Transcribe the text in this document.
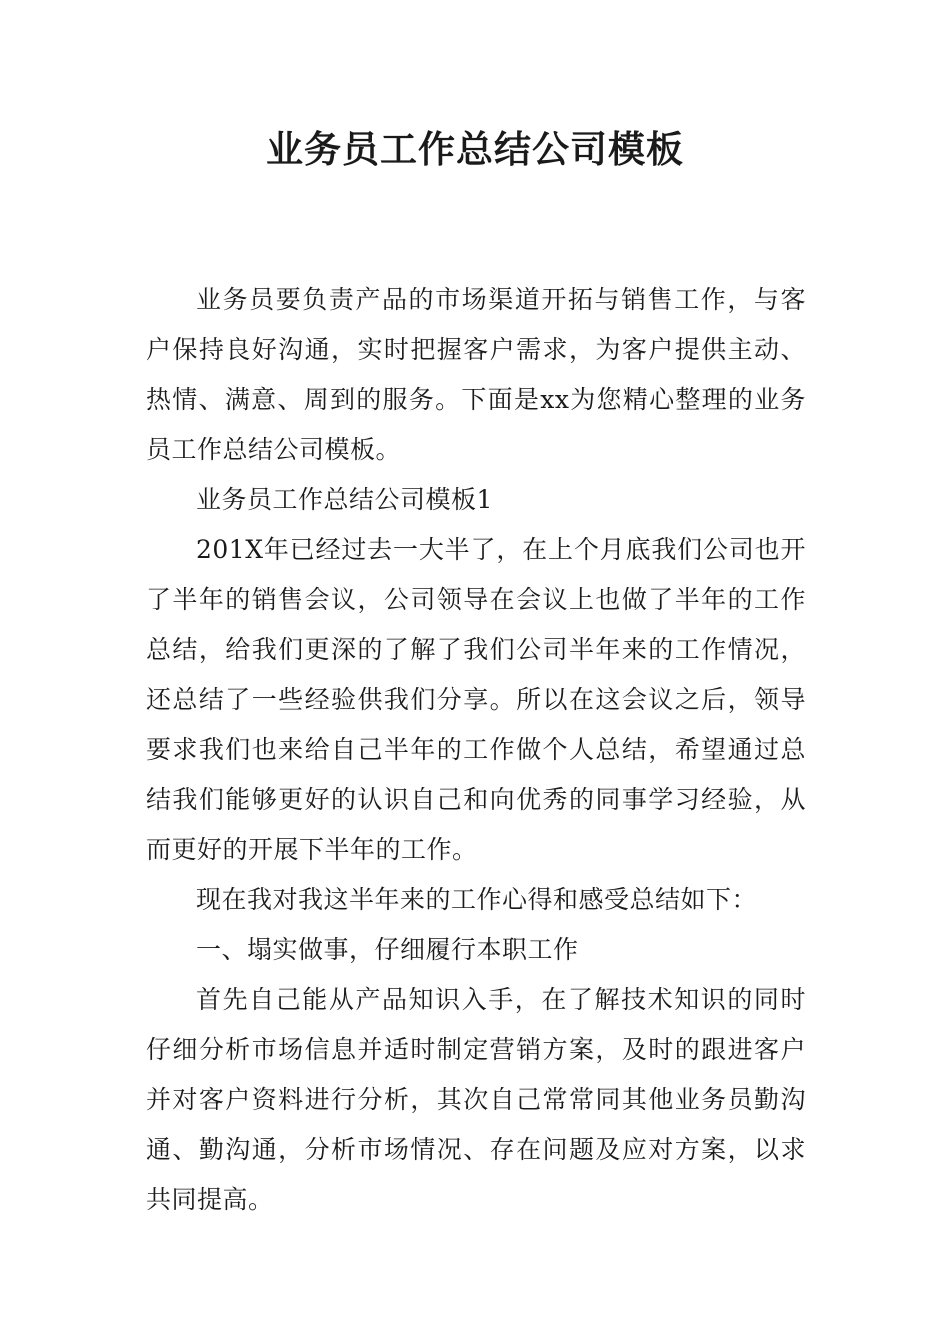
业务员工作总结公司模板

业务员要负责产品的市场渠道开拓与销售工作，与客户保持良好沟通，实时把握客户需求，为客户提供主动、热情、满意、周到的服务。下面是xx为您精心整理的业务员工作总结公司模板。

业务员工作总结公司模板1

201X年已经过去一大半了，在上个月底我们公司也开了半年的销售会议，公司领导在会议上也做了半年的工作总结，给我们更深的了解了我们公司半年来的工作情况，还总结了一些经验供我们分享。所以在这会议之后，领导要求我们也来给自己半年的工作做个人总结，希望通过总结我们能够更好的认识自己和向优秀的同事学习经验，从而更好的开展下半年的工作。

现在我对我这半年来的工作心得和感受总结如下：

一、塌实做事，仔细履行本职工作

首先自己能从产品知识入手，在了解技术知识的同时仔细分析市场信息并适时制定营销方案，及时的跟进客户并对客户资料进行分析，其次自己常常同其他业务员勤沟通、勤沟通，分析市场情况、存在问题及应对方案，以求共同提高。
